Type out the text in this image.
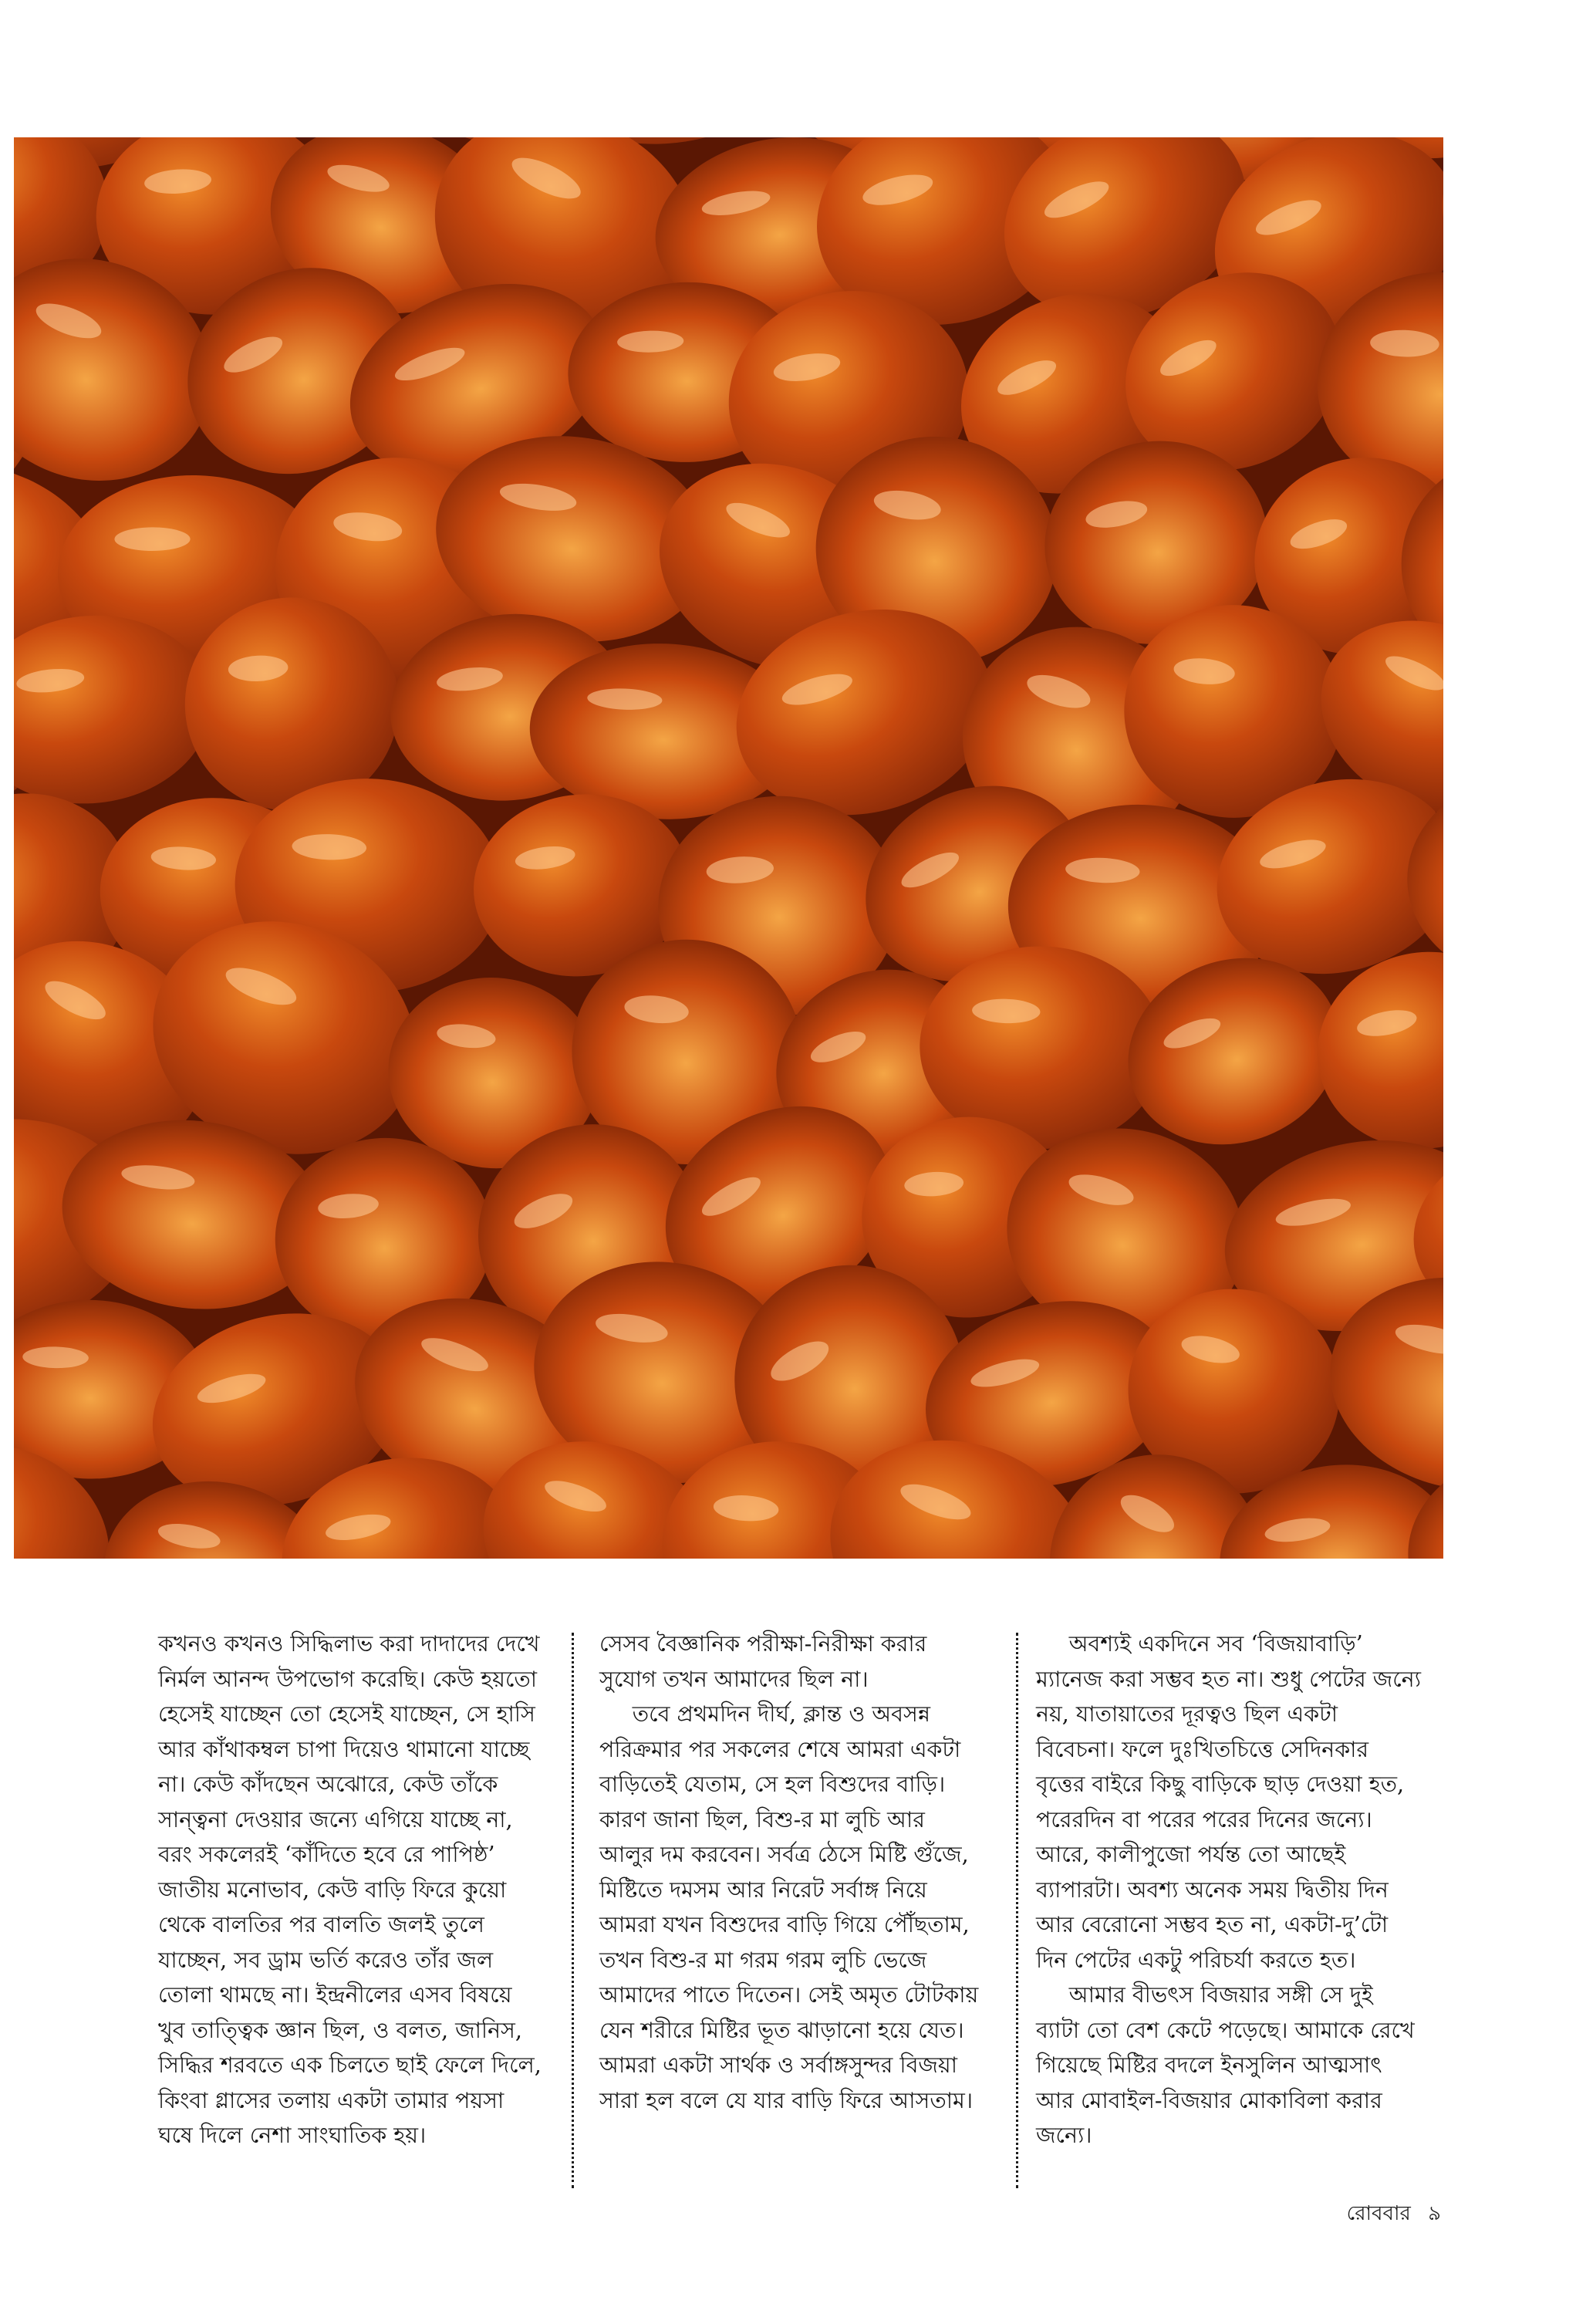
কখনও কখনও সিদ্ধিলাভ করা দাদাদের দেখে নির্মল আনন্দ উপভোগ করেছি। কেউ হয়তো হেসেই যাচ্ছেন তো হেসেই যাচ্ছেন, সে হাসি আর কাঁথাকম্বল চাপা দিয়েও থামানো যাচ্ছে না। কেউ কাঁদছেন অঝোরে, কেউ তাঁকে সান্ত্বনা দেওয়ার জন্যে এগিয়ে যাচ্ছে না, বরং সকলেরই ‘কাঁদিতে হবে রে পাপিষ্ঠ’ জাতীয় মনোভাব, কেউ বাড়ি ফিরে কুয়ো থেকে বালতির পর বালতি জলই তুলে যাচ্ছেন, সব ড্রাম ভর্তি করেও তাঁর জল তোলা থামছে না। ইন্দ্রনীলের এসব বিষয়ে খুব তাত্ত্বিক জ্ঞান ছিল, ও বলত, জানিস, সিদ্ধির শরবতে এক চিলতে ছাই ফেলে দিলে, কিংবা গ্লাসের তলায় একটা তামার পয়সা ঘষে দিলে নেশা সাংঘাতিক হয়।

সেসব বৈজ্ঞানিক পরীক্ষা-নিরীক্ষা করার সুযোগ তখন আমাদের ছিল না।

তবে প্রথমদিন দীর্ঘ, ক্লান্ত ও অবসন্ন পরিক্রমার পর সকলের শেষে আমরা একটা বাড়িতেই যেতাম, সে হল বিশুদের বাড়ি। কারণ জানা ছিল, বিশু-র মা লুচি আর আলুর দম করবেন। সর্বত্র ঠেসে মিষ্টি গুঁজে, মিষ্টিতে দমসম আর নিরেট সর্বাঙ্গ নিয়ে আমরা যখন বিশুদের বাড়ি গিয়ে পৌঁছতাম, তখন বিশু-র মা গরম গরম লুচি ভেজে আমাদের পাতে দিতেন। সেই অমৃত টোটকায় যেন শরীরে মিষ্টির ভূত ঝাড়ানো হয়ে যেত। আমরা একটা সার্থক ও সর্বাঙ্গসুন্দর বিজয়া সারা হল বলে যে যার বাড়ি ফিরে আসতাম।

অবশ্যই একদিনে সব ‘বিজয়াবাড়ি’ ম্যানেজ করা সম্ভব হত না। শুধু পেটের জন্যে নয়, যাতায়াতের দূরত্বও ছিল একটা বিবেচনা। ফলে দুঃখিতচিত্তে সেদিনকার বৃত্তের বাইরে কিছু বাড়িকে ছাড় দেওয়া হত, পরেরদিন বা পরের পরের দিনের জন্যে। আরে, কালীপুজো পর্যন্ত তো আছেই ব্যাপারটা। অবশ্য অনেক সময় দ্বিতীয় দিন আর বেরোনো সম্ভব হত না, একটা-দু’টো দিন পেটের একটু পরিচর্যা করতে হত।

আমার বীভৎস বিজয়ার সঙ্গী সে দুই ব্যাটা তো বেশ কেটে পড়েছে। আমাকে রেখে গিয়েছে মিষ্টির বদলে ইনসুলিন আত্মসাৎ আর মোবাইল-বিজয়ার মোকাবিলা করার জন্যে।

রোববার ৯
